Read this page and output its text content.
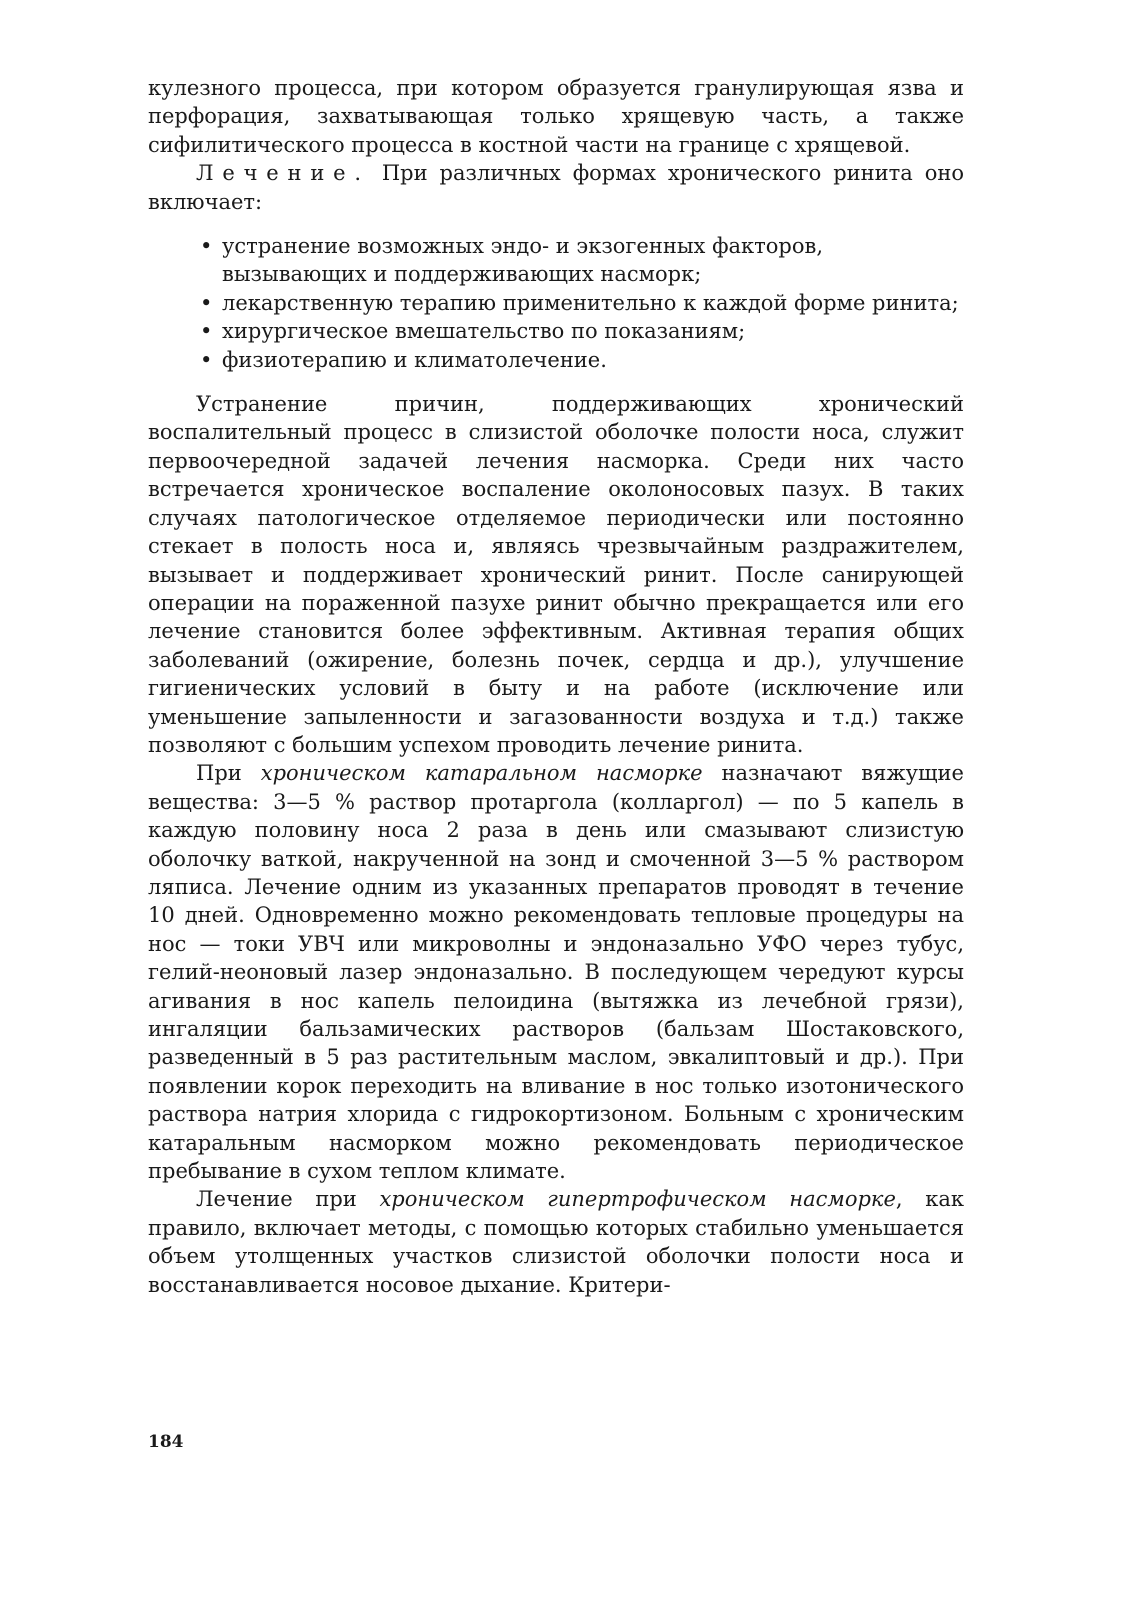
кулезного процесса, при котором образуется гранулирующая язва и перфорация, захватывающая только хрящевую часть, а также сифилитического процесса в костной части на границе с хрящевой.

Лечение. При различных формах хронического ринита оно включает:

• устранение возможных эндо- и экзогенных факторов, вызывающих и поддерживающих насморк;
• лекарственную терапию применительно к каждой форме ринита;
• хирургическое вмешательство по показаниям;
• физиотерапию и климатолечение.

Устранение причин, поддерживающих хронический воспалительный процесс в слизистой оболочке полости носа, служит первоочередной задачей лечения насморка. Среди них часто встречается хроническое воспаление околоносовых пазух. В таких случаях патологическое отделяемое периодически или постоянно стекает в полость носа и, являясь чрезвычайным раздражителем, вызывает и поддерживает хронический ринит. После санирующей операции на пораженной пазухе ринит обычно прекращается или его лечение становится более эффективным. Активная терапия общих заболеваний (ожирение, болезнь почек, сердца и др.), улучшение гигиенических условий в быту и на работе (исключение или уменьшение запыленности и загазованности воздуха и т.д.) также позволяют с большим успехом проводить лечение ринита.

При хроническом катаральном насморке назначают вяжущие вещества: 3—5 % раствор протаргола (колларгол) — по 5 капель в каждую половину носа 2 раза в день или смазывают слизистую оболочку ваткой, накрученной на зонд и смоченной 3—5 % раствором ляписа. Лечение одним из указанных препаратов проводят в течение 10 дней. Одновременно можно рекомендовать тепловые процедуры на нос — токи УВЧ или микроволны и эндоназально УФО через тубус, гелий-неоновый лазер эндоназально. В последующем чередуют курсы агивания в нос капель пелоидина (вытяжка из лечебной грязи), ингаляции бальзамических растворов (бальзам Шостаковского, разведенный в 5 раз растительным маслом, эвкалиптовый и др.). При появлении корок переходить на вливание в нос только изотонического раствора натрия хлорида с гидрокортизоном. Больным с хроническим катаральным насморком можно рекомендовать периодическое пребывание в сухом теплом климате.

Лечение при хроническом гипертрофическом насморке, как правило, включает методы, с помощью которых стабильно уменьшается объем утолщенных участков слизистой оболочки полости носа и восстанавливается носовое дыхание. Критери-

184
